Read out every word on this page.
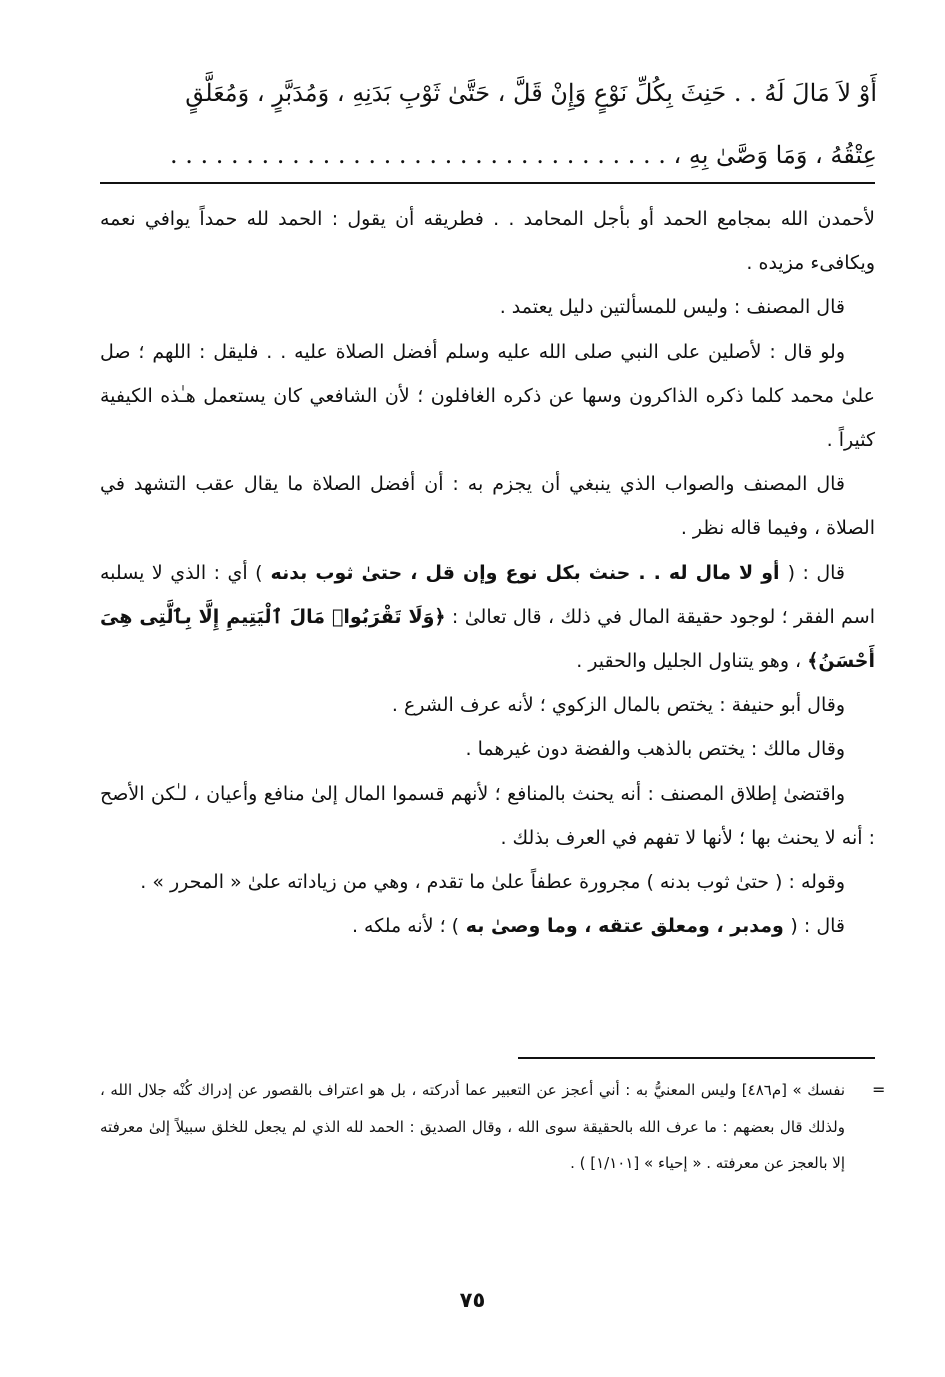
أَوْ لاَ مَالَ لَهُ . . حَنِثَ بِكُلِّ نَوْعٍ وَإِنْ قَلَّ ، حَتَّىٰ ثَوْبِ بَدَنِهِ ، وَمُدَبَّرٍ ، وَمُعَلَّقٍ

عِتْقُهُ ، وَمَا وَصَّىٰ بِهِ ، . . . . . . . . . . . . . . . . . . . . . . . . . . . . . . . . .

لأحمدن الله بمجامع الحمد أو بأجل المحامد . . فطريقه أن يقول : الحمد لله حمداً يوافي نعمه ويكافىء مزيده .

قال المصنف : وليس للمسألتين دليل يعتمد .

ولو قال : لأصلين على النبي صلى الله عليه وسلم أفضل الصلاة عليه . . فليقل : اللهم ؛ صل علىٰ محمد كلما ذكره الذاكرون وسها عن ذكره الغافلون ؛ لأن الشافعي كان يستعمل هـٰذه الكيفية كثيراً .

قال المصنف والصواب الذي ينبغي أن يجزم به : أن أفضل الصلاة ما يقال عقب التشهد في الصلاة ، وفيما قاله نظر .

قال : ( أو لا مال له . . حنث بكل نوع وإن قل ، حتىٰ ثوب بدنه ) أي : الذي لا يسلبه اسم الفقر ؛ لوجود حقيقة المال في ذلك ، قال تعالىٰ : ﴿وَلَا تَقْرَبُوا۟ مَالَ ٱلْيَتِيمِ إِلَّا بِٱلَّتِى هِىَ أَحْسَنُ﴾ ، وهو يتناول الجليل والحقير .

وقال أبو حنيفة : يختص بالمال الزكوي ؛ لأنه عرف الشرع .

وقال مالك : يختص بالذهب والفضة دون غيرهما .

واقتضىٰ إطلاق المصنف : أنه يحنث بالمنافع ؛ لأنهم قسموا المال إلىٰ منافع وأعيان ، لـٰكن الأصح : أنه لا يحنث بها ؛ لأنها لا تفهم في العرف بذلك .

وقوله : ( حتىٰ ثوب بدنه ) مجرورة عطفاً علىٰ ما تقدم ، وهي من زياداته علىٰ « المحرر » .

قال : ( ومدبر ، ومعلق عتقه ، وما وصىٰ به ) ؛ لأنه ملكه .

=

نفسك » [م٤٨٦] وليس المعنيُّ به : أني أعجز عن التعبير عما أدركته ، بل هو اعتراف بالقصور عن إدراك كُنْه جلال الله ، ولذلك قال بعضهم : ما عرف الله بالحقيقة سوى الله ، وقال الصديق : الحمد لله الذي لم يجعل للخلق سبيلاً إلىٰ معرفته إلا بالعجز عن معرفته . « إحياء » [١/١٠١] ) .

٧٥
